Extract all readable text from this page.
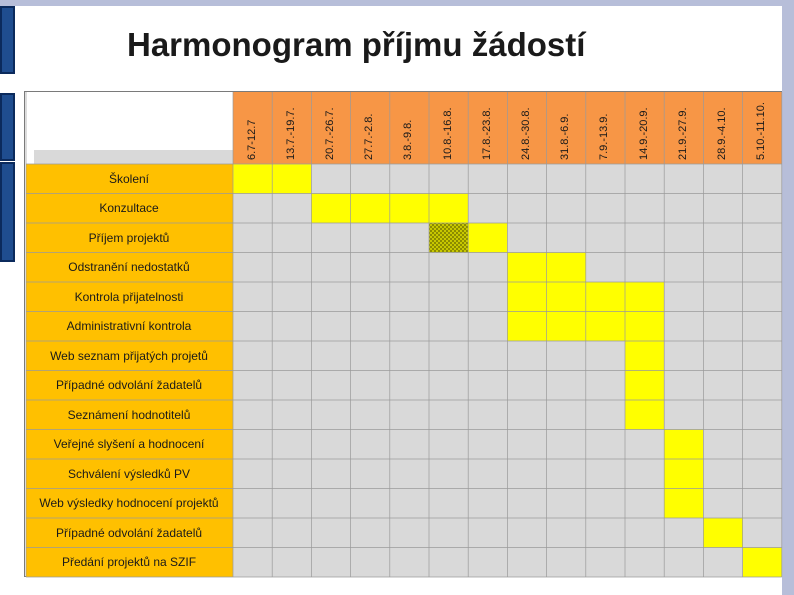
Harmonogram příjmu žádostí
Školení
Konzultace
Příjem projektů
Odstranění nedostatků
Kontrola přijatelnosti
Administrativní kontrola
Web seznam přijatých projetů
Případné odvolání žadatelů
Seznámení hodnotitelů
Veřejné slyšení a hodnocení
Schválení výsledků PV
Web výsledky hodnocení projektů
Případné odvolání žadatelů
Předání projektů na SZIF
6.7-12.7 13.7.-19.7. 20.7.-26.7. 27.7.-2.8. 3.8.-9.8. 10.8.-16.8. 17.8.-23.8. 24.8.-30.8. 31.8.-6.9. 7.9.-13.9. 14.9.-20.9. 21.9.-27.9. 28.9.-4.10. 5.10.-11.10.
